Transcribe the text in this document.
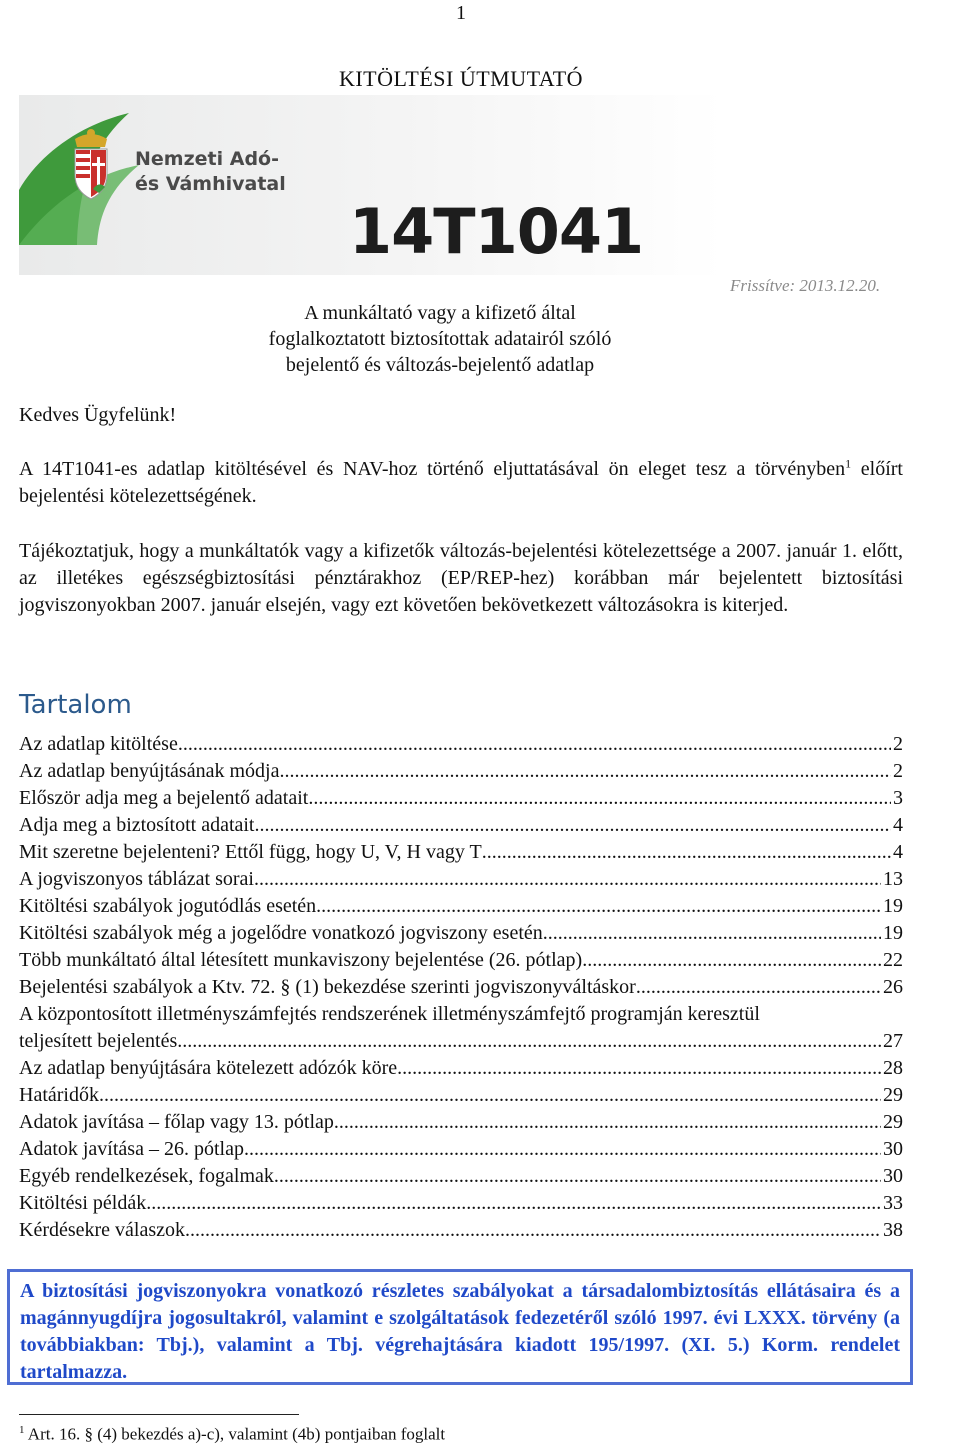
1
KITÖLTÉSI ÚTMUTATÓ
Nemzeti Adó-
és Vámhivatal
14T1041
Frissítve: 2013.12.20.
A munkáltató vagy a kifizető által
foglalkoztatott biztosítottak adatairól szóló
bejelentő és változás-bejelentő adatlap
Kedves Ügyfelünk!
A 14T1041-es adatlap kitöltésével és NAV-hoz történő eljuttatásával ön eleget tesz a törvényben$^1$ előírt bejelentési kötelezettségének.
Tájékoztatjuk, hogy a munkáltatók vagy a kifizetők változás-bejelentési kötelezettsége a 2007. január 1. előtt, az illetékes egészségbiztosítási pénztárakhoz (EP/REP-hez) korábban már bejelentett biztosítási jogviszonyokban 2007. január elsején, vagy ezt követően bekövetkezett változásokra is kiterjed.
Tartalom
Az adatlap kitöltése .....	2
Az adatlap benyújtásának módja .....	2
Először adja meg a bejelentő adatait .....	3
Adja meg a biztosított adatait .....	4
Mit szeretne bejelenteni? Ettől függ, hogy U, V, H vagy T .....	4
A jogviszonyos táblázat sorai .....	13
Kitöltési szabályok jogutódlás esetén .....	19
Kitöltési szabályok még a jogelődre vonatkozó jogviszony esetén .....	19
Több munkáltató által létesített munkaviszony bejelentése (26. pótlap) .....	22
Bejelentési szabályok a Ktv. 72. § (1) bekezdése szerinti jogviszonyváltáskor .....	26
A központosított illetményszámfejtés rendszerének illetményszámfejtő programján keresztül
teljesített bejelentés .....	27
Az adatlap benyújtására kötelezett adózók köre .....	28
Határidők .....	29
Adatok javítása – főlap vagy 13. pótlap .....	29
Adatok javítása – 26. pótlap .....	30
Egyéb rendelkezések, fogalmak .....	30
Kitöltési példák .....	33
Kérdésekre válaszok .....	38
A biztosítási jogviszonyokra vonatkozó részletes szabályokat a társadalombiztosítás ellátásaira és a magánnyugdíjra jogosultakról, valamint e szolgáltatások fedezetéről szóló 1997. évi LXXX. törvény (a továbbiakban: Tbj.), valamint a Tbj. végrehajtására kiadott 195/1997. (XI. 5.) Korm. rendelet tartalmazza.
$^1$ Art. 16. § (4) bekezdés a)-c), valamint (4b) pontjaiban foglalt
